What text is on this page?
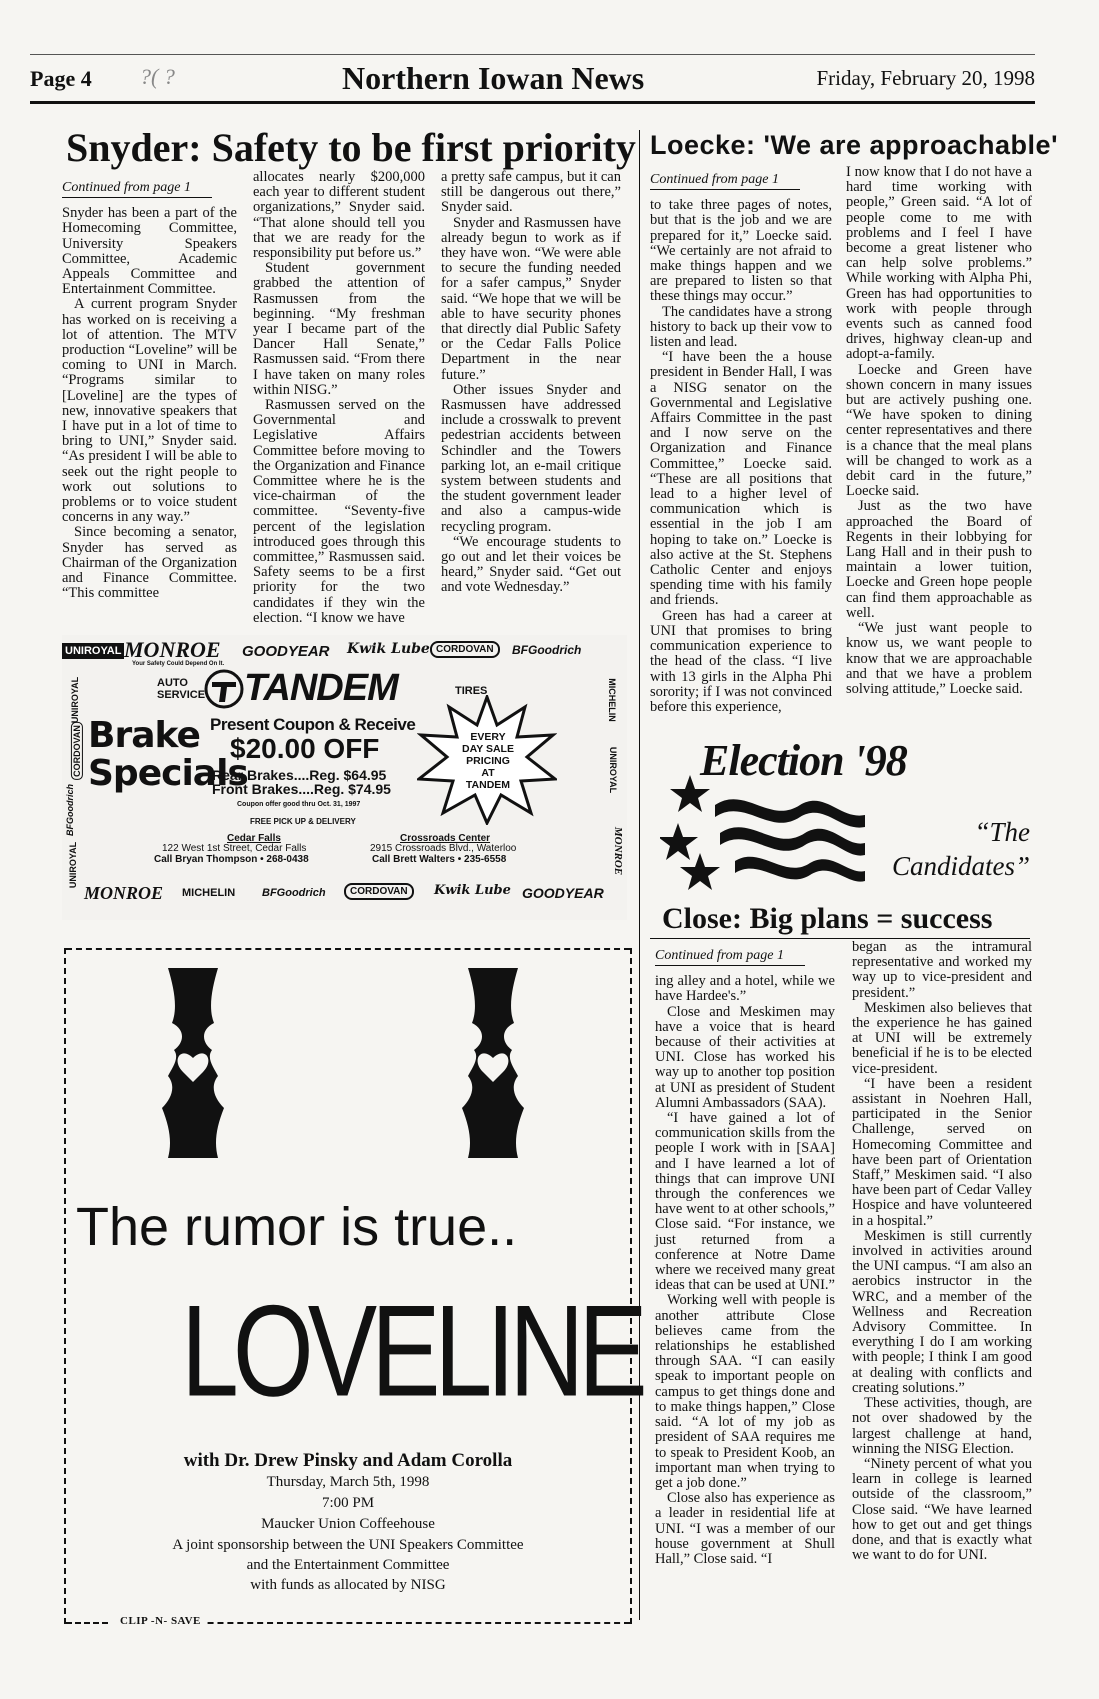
Page 4 ?( ?	Northern Iowan News	Friday, February 20, 1998
Snyder: Safety to be first priority
Continued from page 1

Snyder has been a part of the Homecoming Committee, University Speakers Committee, Academic Appeals Committee and Entertainment Committee.

A current program Snyder has worked on is receiving a lot of attention. The MTV production “Loveline” will be coming to UNI in March. “Programs similar to [Loveline] are the types of new, innovative speakers that I have put in a lot of time to bring to UNI,” Snyder said. “As president I will be able to seek out the right people to work out solutions to problems or to voice student concerns in any way.”

Since becoming a senator, Snyder has served as Chairman of the Organization and Finance Committee. “This committee

allocates nearly $200,000 each year to different student organizations,” Snyder said. “That alone should tell you that we are ready for the responsibility put before us.”

Student government grabbed the attention of Rasmussen from the beginning. “My freshman year I became part of the Dancer Hall Senate,” Rasmussen said. “From there I have taken on many roles within NISG.”

Rasmussen served on the Governmental and Legislative Affairs Committee before moving to the Organization and Finance Committee where he is the vice-chairman of the committee. “Seventy-five percent of the legislation introduced goes through this committee,” Rasmussen said. Safety seems to be a first priority for the two candidates if they win the election. “I know we have

a pretty safe campus, but it can still be dangerous out there,” Snyder said.

Snyder and Rasmussen have already begun to work as if they have won. “We were able to secure the funding needed for a safer campus,” Snyder said. “We hope that we will be able to have security phones that directly dial Public Safety or the Cedar Falls Police Department in the near future.”

Other issues Snyder and Rasmussen have addressed include a crosswalk to prevent pedestrian accidents between Schindler and the Towers parking lot, an e-mail critique system between students and the student government leader and also a campus-wide recycling program.

“We encourage students to go out and let their voices be heard,” Snyder said. “Get out and vote Wednesday.”

Loecke: 'We are approachable'
Continued from page 1

to take three pages of notes, but that is the job and we are prepared for it,” Loecke said. “We certainly are not afraid to make things happen and we are prepared to listen so that these things may occur.”

The candidates have a strong history to back up their vow to listen and lead.

“I have been the a house president in Bender Hall, I was a NISG senator on the Governmental and Legislative Affairs Committee in the past and I now serve on the Organization and Finance Committee,” Loecke said. “These are all positions that lead to a higher level of communication which is essential in the job I am hoping to take on.” Loecke is also active at the St. Stephens Catholic Center and enjoys spending time with his family and friends.

Green has had a career at UNI that promises to bring communication experience to the head of the class. “I live with 13 girls in the Alpha Phi sorority; if I was not convinced before this experience,

I now know that I do not have a hard time working with people,” Green said. “A lot of people come to me with problems and I feel I have become a great listener who can help solve problems.” While working with Alpha Phi, Green has had opportunities to work with people through events such as canned food drives, highway clean-up and adopt-a-family.

Loecke and Green have shown concern in many issues but are actively pushing one. “We have spoken to dining center representatives and there is a chance that the meal plans will be changed to work as a debit card in the future,” Loecke said.

Just as the two have approached the Board of Regents in their lobbying for Lang Hall and in their push to maintain a lower tuition, Loecke and Green hope people can find them approachable as well.

“We just want people to know us, we want people to know that we are approachable and that we have a problem solving attitude,” Loecke said.

Election '98
“The Candidates”
Close: Big plans = success
Continued from page 1

ing alley and a hotel, while we have Hardee's.”

Close and Meskimen may have a voice that is heard because of their activities at UNI. Close has worked his way up to another top position at UNI as president of Student Alumni Ambassadors (SAA).

“I have gained a lot of communication skills from the people I work with in [SAA] and I have learned a lot of things that can improve UNI through the conferences we have went to at other schools,” Close said. “For instance, we just returned from a conference at Notre Dame where we received many great ideas that can be used at UNI.”

Working well with people is another attribute Close believes came from the relationships he established through SAA. “I can easily speak to important people on campus to get things done and to make things happen,” Close said. “A lot of my job as president of SAA requires me to speak to President Koob, an important man when trying to get a job done.”

Close also has experience as a leader in residential life at UNI. “I was a member of our house government at Shull Hall,” Close said. “I

began as the intramural representative and worked my way up to vice-president and president.”

Meskimen also believes that the experience he has gained at UNI will be extremely beneficial if he is to be elected vice-president.

“I have been a resident assistant in Noehren Hall, participated in the Senior Challenge, served on Homecoming Committee and have been part of Orientation Staff,” Meskimen said. “I also have been part of Cedar Valley Hospice and have volunteered in a hospital.”

Meskimen is still currently involved in activities around the UNI campus. “I am also an aerobics instructor in the WRC, and a member of the Wellness and Recreation Advisory Committee. In everything I do I am working with people; I think I am good at dealing with conflicts and creating solutions.”

These activities, though, are not over shadowed by the largest challenge at hand, winning the NISG Election.

“Ninety percent of what you learn in college is learned outside of the classroom,” Close said. “We have learned how to get out and get things done, and that is exactly what we want to do for UNI.

UNIROYAL MONROE
Your Safety Could Depend On It.
GOODYEAR Kwik Lube CORDOVAN	BFGoodrich
UNIROYAL
CORDOVAN
BFGoodrich
UNIROYAL
MICHELIN
UNIROYAL
MONROE
AUTO SERVICE TANDEM	TIRES
Brake
Specials
Present Coupon & Receive
$20.00 OFF
Rear Brakes....Reg. $64.95
Front Brakes....Reg. $74.95
Coupon offer good thru Oct. 31, 1997
FREE PICK UP & DELIVERY
EVERY DAY SALE PRICING AT TANDEM
Cedar Falls
122 West 1st Street, Cedar Falls
Call Bryan Thompson • 268-0438
Crossroads Center
2915 Crossroads Blvd., Waterloo
Call Brett Walters • 235-6558
MONROE MICHELIN BFGoodrich	CORDOVAN	Kwik Lube GOODYEAR
CLIP -N- SAVE
The rumor is true..
LOVELINE
with Dr. Drew Pinsky and Adam Corolla
Thursday, March 5th, 1998
7:00 PM
Maucker Union Coffeehouse
A joint sponsorship between the UNI Speakers Committee
and the Entertainment Committee
with funds as allocated by NISG
